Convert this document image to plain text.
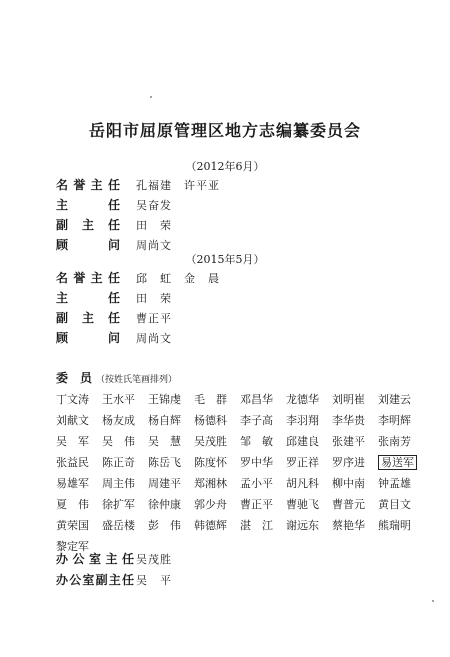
岳阳市屈原管理区地方志编纂委员会
（2012年6月）
名誉主任 孔福建　许平亚
主　任 吴奋发
副主任 田　荣
顾　问 周尚文
（2015年5月）
名誉主任 邱　虹　金　晨
主　任 田　荣
副主任 曹正平
顾　问 周尚文
委　员 （按姓氏笔画排列）
丁文涛	王水平	王锦虔	毛　群	邓昌华	龙德华	刘明崔	刘建云
刘献文	杨友成	杨自辉	杨德科	李子高	李羽翔	李华贵	李明辉
吴　军	吴　伟	吴　慧	吴茂胜	邹　敏	邱建良	张建平	张南芳
张益民	陈正奇	陈岳飞	陈度怀	罗中华	罗正祥	罗序进	易送军
易雄军	周主伟	周建平	郑湘林	孟小平	胡凡科	柳中南	钟孟雄
夏　伟	徐扩军	徐仲康	郭少舟	曹正平	曹驰飞	曹普元	黄目文
黄荣国	盛岳楼	彭　伟	韩德辉	湛　江	谢远东	蔡艳华	熊瑞明
黎定军
办公室主任 吴茂胜
办公室副主任 吴　平
